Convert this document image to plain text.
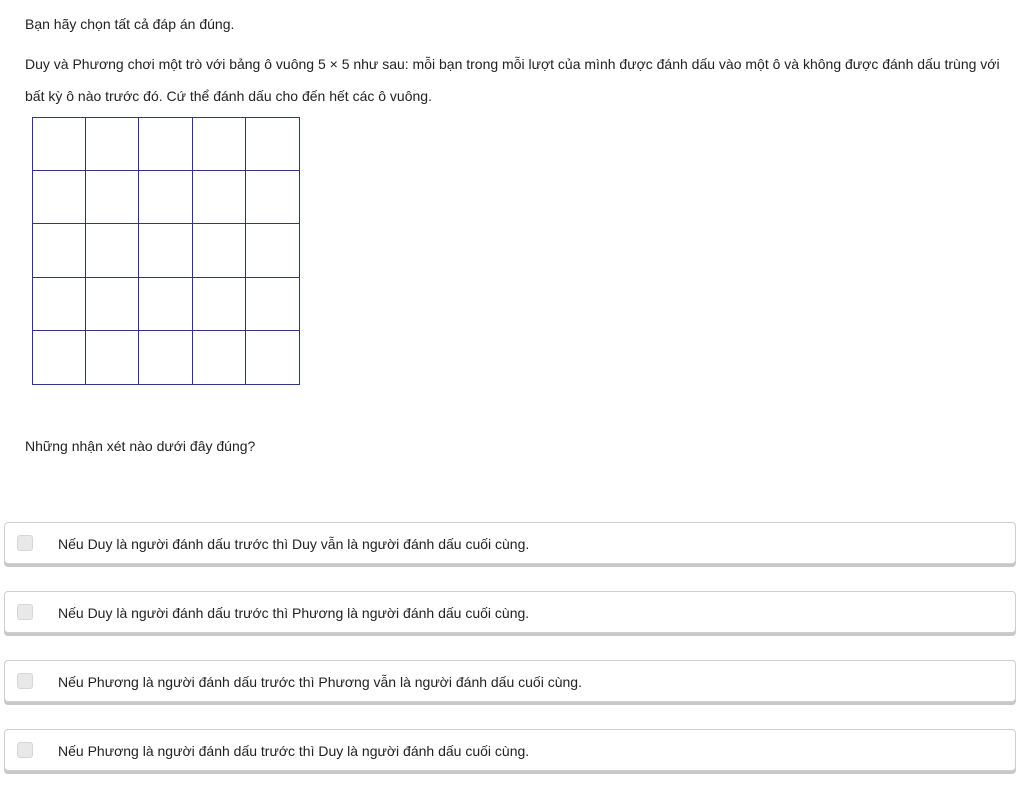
Bạn hãy chọn tất cả đáp án đúng.
Duy và Phương chơi một trò với bảng ô vuông 5 × 5 như sau: mỗi bạn trong mỗi lượt của mình được đánh dấu vào một ô và không được đánh dấu trùng với bất kỳ ô nào trước đó. Cứ thể đánh dấu cho đến hết các ô vuông.
Những nhận xét nào dưới đây đúng?
Nếu Duy là người đánh dấu trước thì Duy vẫn là người đánh dấu cuối cùng.
Nếu Duy là người đánh dấu trước thì Phương là người đánh dấu cuối cùng.
Nếu Phương là người đánh dấu trước thì Phương vẫn là người đánh dấu cuối cùng.
Nếu Phương là người đánh dấu trước thì Duy là người đánh dấu cuối cùng.
